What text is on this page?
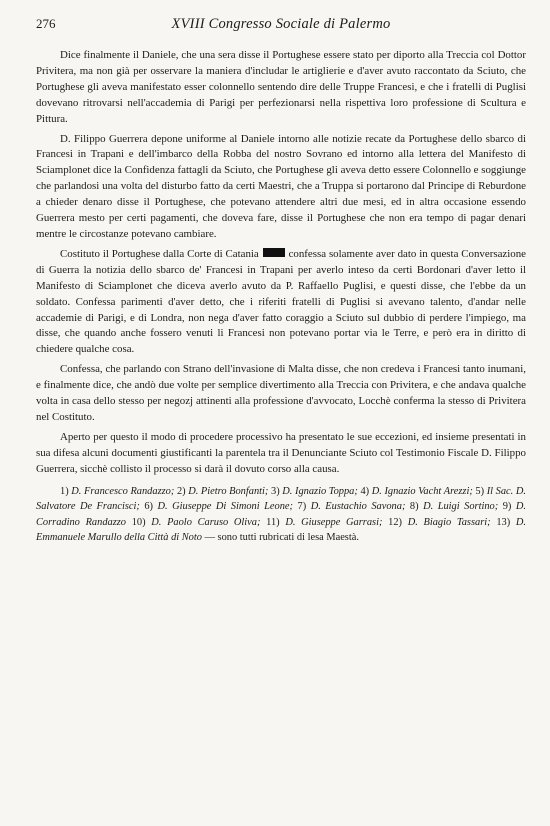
276	XVIII Congresso Sociale di Palermo

Dice finalmente il Daniele, che una sera disse il Portughese essere stato per diporto alla Treccia col Dottor Privitera, ma non già per osservare la maniera d'includar le artiglierie e d'aver avuto raccontato da Sciuto, che Portughese gli aveva manifestato esser colonnello sentendo dire delle Truppe Francesi, e che i fratelli di Puglisi dovevano ritrovarsi nell'accademia di Parigi per perfezionarsi nella rispettiva loro professione di Scultura e Pittura.

D. Filippo Guerrera depone uniforme al Daniele intorno alle notizie recate da Portughese dello sbarco di Francesi in Trapani e dell'imbarco della Robba del nostro Sovrano ed intorno alla lettera del Manifesto di Sciamplonet dice la Confidenza fattagli da Sciuto, che Portughese gli aveva detto essere Colonnello e soggiunge che parlandosi una volta del disturbo fatto da certi Maestri, che a Truppa si portarono dal Principe di Reburdone a chieder denaro disse il Portughese, che potevano attendere altri due mesi, ed in altra occasione essendo Guerrera mesto per certi pagamenti, che doveva fare, disse il Portughese che non era tempo di pagar denari mentre le circostanze potevano cambiare.

Costituto il Portughese dalla Corte di Catania	confessa solamente aver dato in questa Conversazione di Guerra la notizia dello sbarco de' Francesi in Trapani per averlo inteso da certi Bordonari d'aver letto il Manifesto di Sciamplonet che diceva averlo avuto da P. Raffaello Puglisi, e questi disse, che l'ebbe da un soldato. Confessa parimenti d'aver detto, che i riferiti fratelli di Puglisi si avevano talento, d'andar nelle accademie di Parigi, e di Londra, non nega d'aver fatto coraggio a Sciuto sul dubbio di perdere l'impiego, ma disse, che quando anche fossero venuti li Francesi non potevano portar via le Terre, e però era in diritto di chiedere qualche cosa.

Confessa, che parlando con Strano dell'invasione di Malta disse, che non credeva i Francesi tanto inumani, e finalmente dice, che andò due volte per semplice divertimento alla Treccia con Privitera, e che andava qualche volta in casa dello stesso per negozj attinenti alla professione d'avvocato, Locchè conferma la stesso di Privitera nel Costituto.

Aperto per questo il modo di procedere processivo ha presentato le sue eccezioni, ed insieme presentati in sua difesa alcuni documenti giustificanti la parentela tra il Denunciante Sciuto col Testimonio Fiscale D. Filippo Guerrera, sicchè collisto il processo si darà il dovuto corso alla causa.

1) D. Francesco Randazzo; 2) D. Pietro Bonfanti; 3) D. Ignazio Toppa; 4) D. Ignazio Vacht Arezzi; 5) Il Sac. D. Salvatore De Francisci; 6) D. Giuseppe Di Simoni Leone; 7) D. Eustachio Savona; 8) D. Luigi Sortino; 9) D. Corradino Randazzo 10) D. Paolo Caruso Oliva; 11) D. Giuseppe Garrasi; 12) D. Biagio Tassari; 13) D. Emmanuele Marullo della Città di Noto — sono tutti rubricati di lesa Maestà.
